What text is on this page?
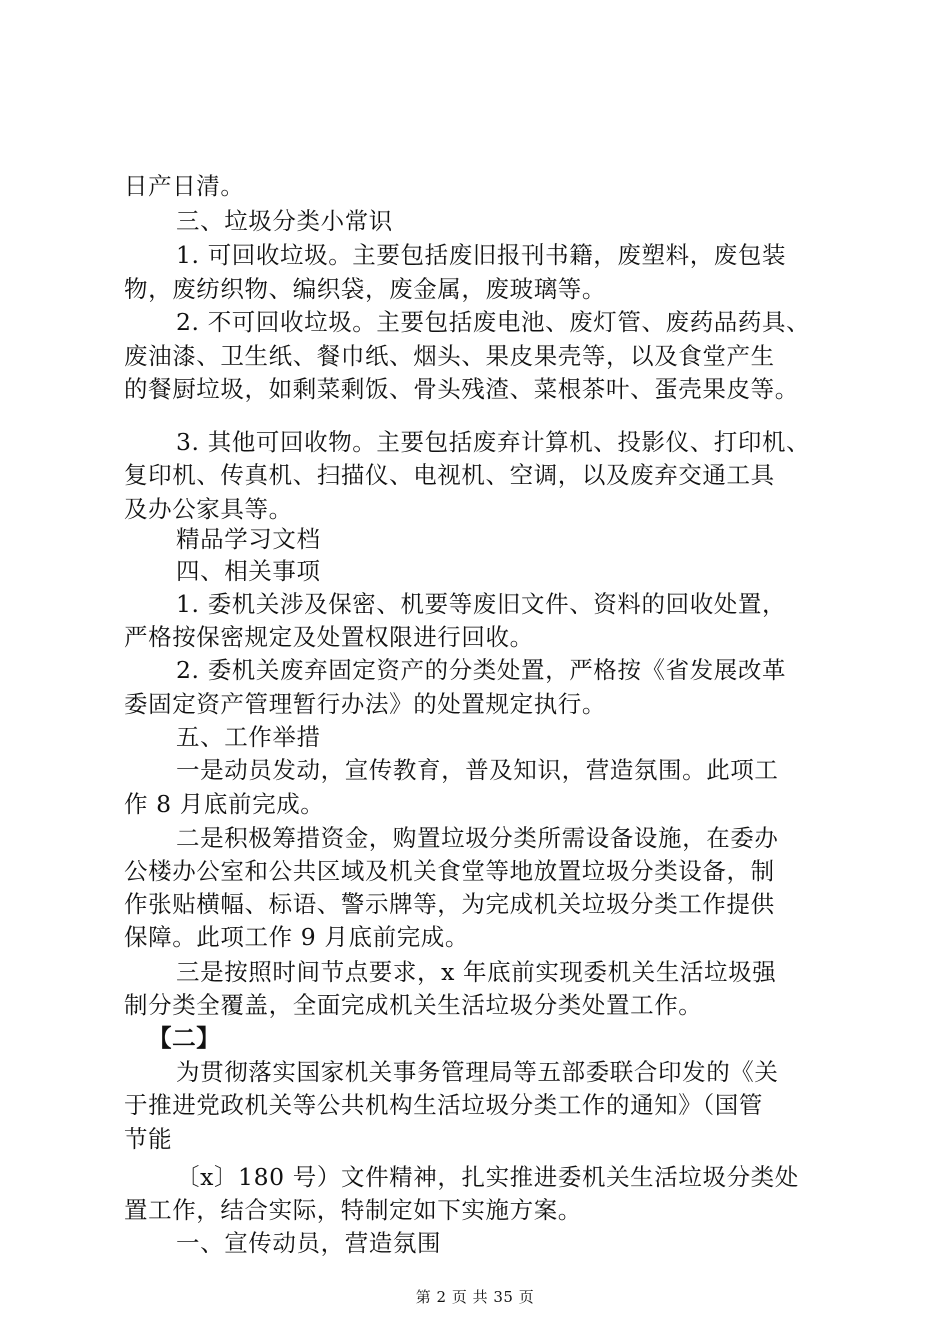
日产日清。
三、垃圾分类小常识
1. 可回收垃圾。主要包括废旧报刊书籍，废塑料，废包装
物，废纺织物、编织袋，废金属，废玻璃等。
2. 不可回收垃圾。主要包括废电池、废灯管、废药品药具、
废油漆、卫生纸、餐巾纸、烟头、果皮果壳等，以及食堂产生
的餐厨垃圾，如剩菜剩饭、骨头残渣、菜根茶叶、蛋壳果皮等。
3. 其他可回收物。主要包括废弃计算机、投影仪、打印机、
复印机、传真机、扫描仪、电视机、空调，以及废弃交通工具
及办公家具等。
精品学习文档
四、相关事项
1. 委机关涉及保密、机要等废旧文件、资料的回收处置，
严格按保密规定及处置权限进行回收。
2. 委机关废弃固定资产的分类处置，严格按《省发展改革
委固定资产管理暂行办法》的处置规定执行。
五、工作举措
一是动员发动，宣传教育，普及知识，营造氛围。此项工
作 8 月底前完成。
二是积极筹措资金，购置垃圾分类所需设备设施，在委办
公楼办公室和公共区域及机关食堂等地放置垃圾分类设备，制
作张贴横幅、标语、警示牌等，为完成机关垃圾分类工作提供
保障。此项工作 9 月底前完成。
三是按照时间节点要求，x 年底前实现委机关生活垃圾强
制分类全覆盖，全面完成机关生活垃圾分类处置工作。
【二】
为贯彻落实国家机关事务管理局等五部委联合印发的《关
于推进党政机关等公共机构生活垃圾分类工作的通知》（国管
节能
〔x〕180 号）文件精神，扎实推进委机关生活垃圾分类处
置工作，结合实际，特制定如下实施方案。
一、宣传动员，营造氛围
第 2 页 共 35 页
